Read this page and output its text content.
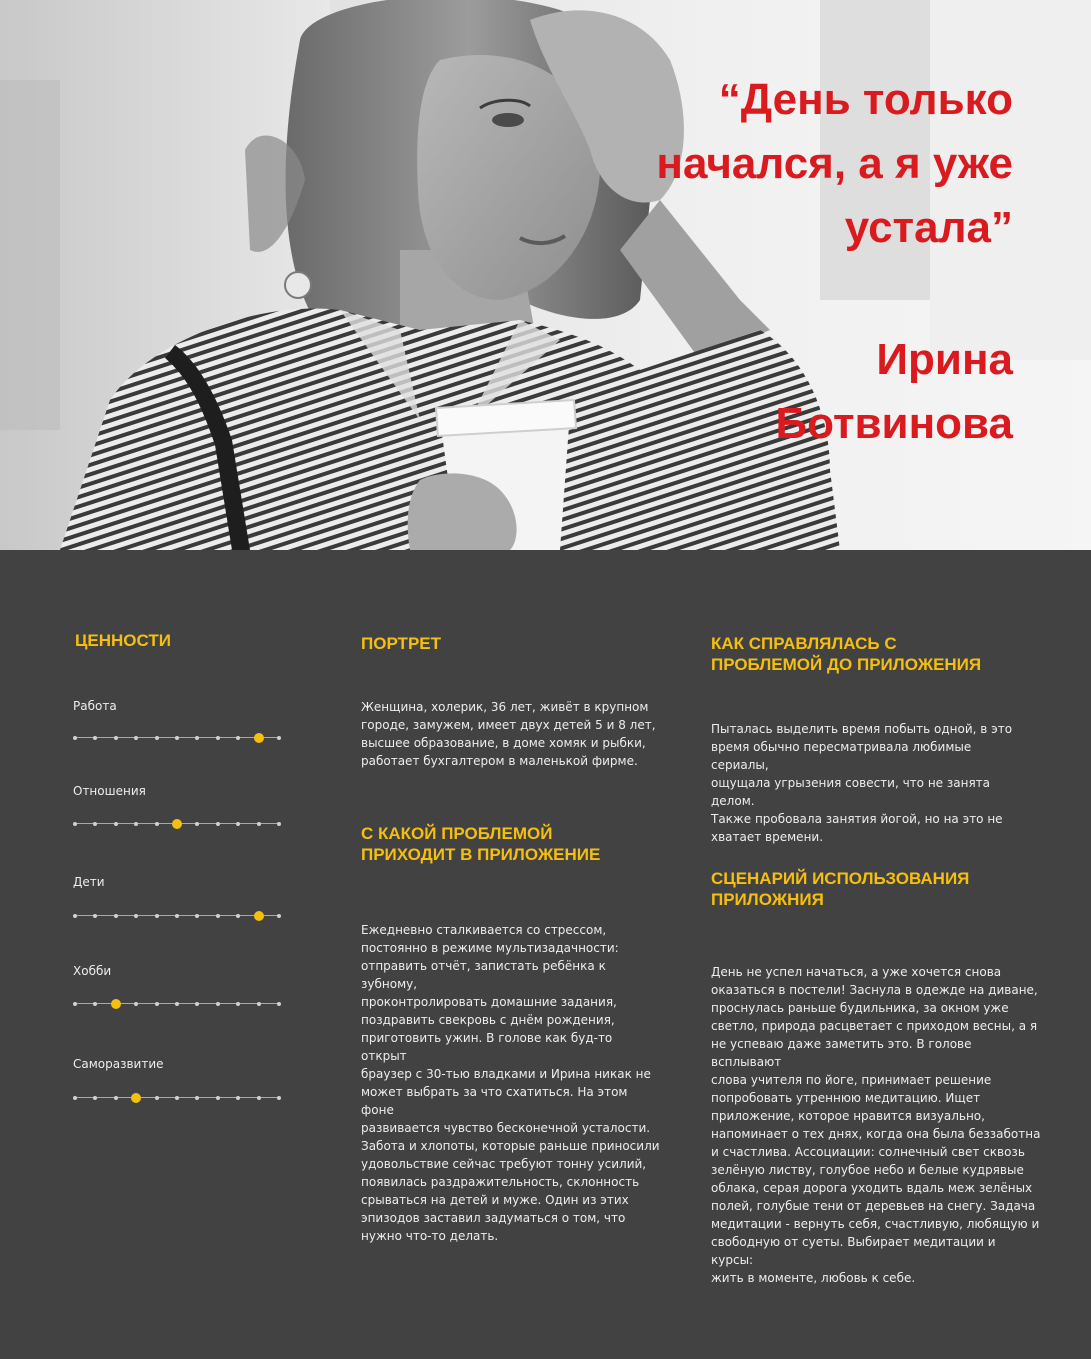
“День только
начался, а я уже
устала”
Ирина
Ботвинова
ЦЕННОСТИ
Работа
Отношения
Дети
Хобби
Саморазвитие
ПОРТРЕТ
Женщина, холерик, 36 лет, живёт в крупном
городе, замужем, имеет двух детей 5 и 8 лет,
высшее образование, в доме хомяк и рыбки,
работает бухгалтером в маленькой фирме.
С КАКОЙ ПРОБЛЕМОЙ
ПРИХОДИТ В ПРИЛОЖЕНИЕ
Ежедневно сталкивается со стрессом,
постоянно в режиме мультизадачности:
отправить отчёт, запистать ребёнка к зубному,
проконтролировать домашние задания,
поздравить свекровь с днём рождения,
приготовить ужин. В голове как буд-то открыт
браузер с 30-тью владками и Ирина никак не
может выбрать за что схатиться. На этом фоне
развивается чувство бесконечной усталости.
Забота и хлопоты, которые раньше приносили
удовольствие сейчас требуют тонну усилий,
появилась раздражительность, склонность
срываться на детей и муже. Один из этих
эпизодов заставил задуматься о том, что
нужно что-то делать.
КАК СПРАВЛЯЛАСЬ С
ПРОБЛЕМОЙ ДО ПРИЛОЖЕНИЯ
Пыталась выделить время побыть одной, в это
время обычно пересматривала любимые сериалы,
ощущала угрызения совести, что не занята делом.
Также пробовала занятия йогой, но на это не
хватает времени.
СЦЕНАРИЙ ИСПОЛЬЗОВАНИЯ
ПРИЛОЖНИЯ
День не успел начаться, а уже хочется снова
оказаться в постели! Заснула в одежде на диване,
проснулась раньше будильника, за окном уже
светло, природа расцветает с приходом весны, а я
не успеваю даже заметить это. В голове всплывают
слова учителя по йоге, принимает решение
попробовать утреннюю медитацию. Ищет
приложение, которое нравится визуально,
напоминает о тех днях, когда она была беззаботна
и счастлива. Ассоциации: солнечный свет сквозь
зелёную листву, голубое небо и белые кудрявые
облака, серая дорога уходить вдаль меж зелёных
полей, голубые тени от деревьев на снегу. Задача
медитации - вернуть себя, счастливую, любящую и
свободную от суеты. Выбирает медитации и курсы:
жить в моменте, любовь к себе.
